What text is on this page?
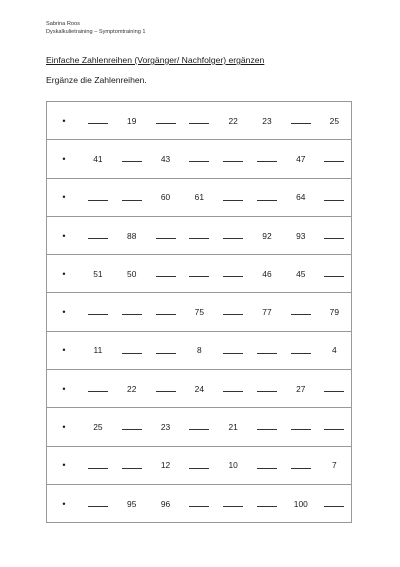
Sabrina Roos
Dyskalkulietraining – Symptomtraining 1
Einfache Zahlenreihen (Vorgänger/ Nachfolger) ergänzen
Ergänze die Zahlenreihen.
•		19			22	23		25
•	41		43				47	
•			60	61			64	
•		88				92	93	
•	51	50				46	45	
•				75		77		79
•	11			8				4
•		22		24			27	
•	25		23		21			
•			12		10			7
•		95	96				100	
